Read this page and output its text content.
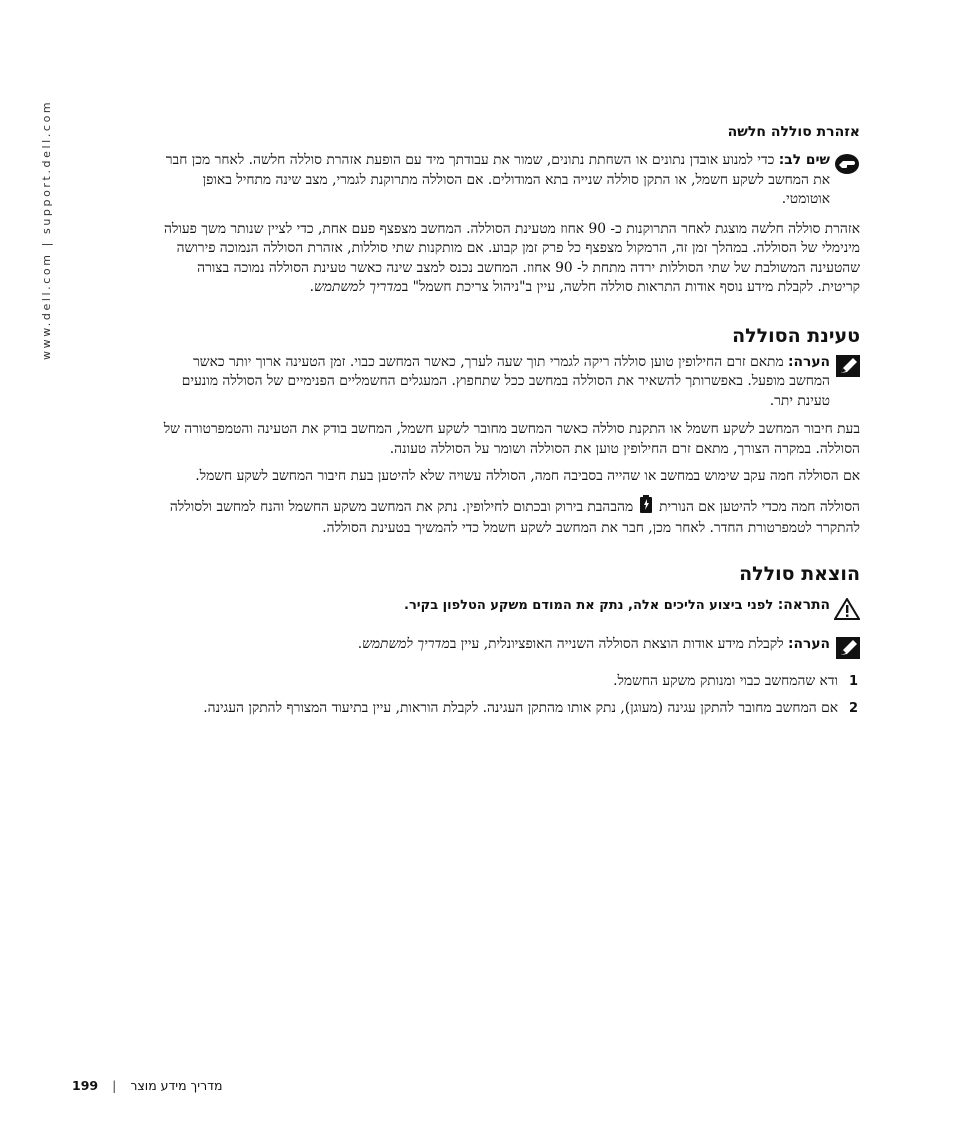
www.dell.com | support.dell.com	אזהרת סוללה חלשה
שים לב: כדי למנוע אובדן נתונים או השחתת נתונים, שמור את עבודתך מיד עם הופעת אזהרת סוללה חלשה. לאחר מכן חבר את המחשב לשקע חשמל, או התקן סוללה שנייה בתא המודולים. אם הסוללה מתרוקנת לגמרי, מצב שינה מתחיל באופן אוטומטי.

אזהרת סוללה חלשה מוצגת לאחר התרוקנות כ- 90 אחוז מטעינת הסוללה. המחשב מצפצף פעם אחת, כדי לציין שנותר משך פעולה מינימלי של הסוללה. במהלך זמן זה, הרמקול מצפצף כל פרק זמן קבוע. אם מותקנות שתי סוללות, אזהרת הסוללה הנמוכה פירושה שהטעינה המשולבת של שתי הסוללות ירדה מתחת ל- 90 אחוז. המחשב נכנס למצב שינה כאשר טעינת הסוללה נמוכה בצורה קריטית. לקבלת מידע נוסף אודות התראות סוללה חלשה, עיין ב"ניהול צריכת חשמל" במדריך למשתמש.

טעינת הסוללה
הערה: מתאם זרם החילופין טוען סוללה ריקה לגמרי תוך שעה לערך, כאשר המחשב כבוי. זמן הטעינה ארוך יותר כאשר המחשב מופעל. באפשרותך להשאיר את הסוללה במחשב ככל שתחפוץ. המעגלים החשמליים הפנימיים של הסוללה מונעים טעינת יתר.

בעת חיבור המחשב לשקע חשמל או התקנת סוללה כאשר המחשב מחובר לשקע חשמל, המחשב בודק את הטעינה והטמפרטורה של הסוללה. במקרה הצורך, מתאם זרם החילופין טוען את הסוללה ושומר על הסוללה טעונה.

אם הסוללה חמה עקב שימוש במחשב או שהייה בסביבה חמה, הסוללה עשויה שלא להיטען בעת חיבור המחשב לשקע חשמל.

הסוללה חמה מכדי להיטען אם הנוריתמהבהבת בירוק ובכתום לחילופין. נתק את המחשב משקע החשמל והנח למחשב ולסוללה להתקרר לטמפרטורת החדר. לאחר מכן, חבר את המחשב לשקע חשמל כדי להמשיך בטעינת הסוללה.

הוצאת סוללה
התראה: לפני ביצוע הליכים אלה, נתק את המודם משקע הטלפון בקיר.
הערה: לקבלת מידע אודות הוצאת הסוללה השנייה האופציונלית, עיין במדריך למשתמש.
1
ודא שהמחשב כבוי ומנותק משקע החשמל.
2
אם המחשב מחובר להתקן עגינה (מעוגן), נתק אותו מהתקן העגינה. לקבלת הוראות, עיין בתיעוד המצורף להתקן העגינה.
199 | מדריך מידע מוצר
